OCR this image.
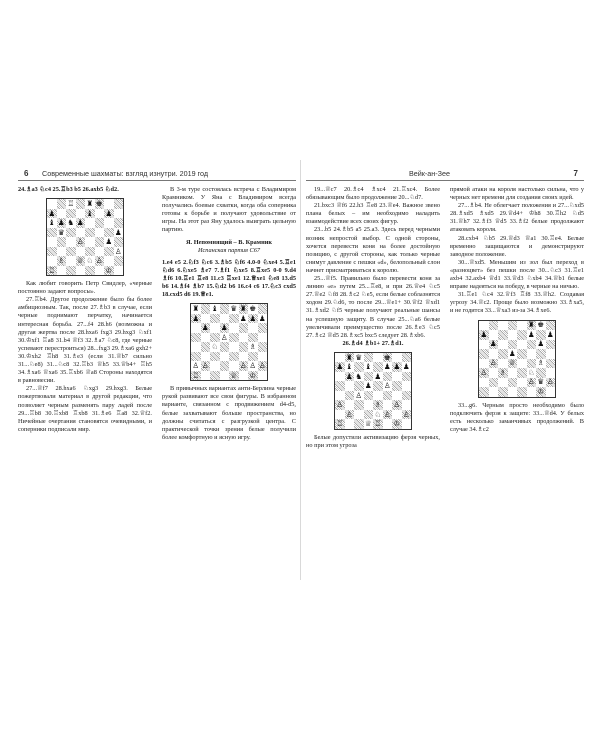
6 Современные шахматы: взгляд изнутри. 2019 год

24.♗a3 ♘c4 25.♖b3 b5 26.axb5 ♘d2.

♖ ♜ ♚
♟	♝ ♟
♝ ♟ ♞ ♟
♛	♟
♙	♟
♙
♗ ♕ ♘ ♙
♖	♔

Как любит говорить Петр Свидлер, «черные постоянно задают вопросы».

27.♖b4. Другое продолжение было бы более амбициозным. Так, после 27.♗b3 в случае, если черные поднимают перчатку, начинается интересная борьба. 27...f4 28.h6 (возможна и другая жертва после 28.hxa6 fxg3 29.hxg3 ♘xf1 30.♔xf1 ♖a8 31.b4 ♕f3 32.♗a7 ♘c8, где черные успевают перестроиться) 28...fxg3 29.♗xa6 gxh2+ 30.♔xh2 ♖h8 31.♗e3 (если 31.♕b7 сильно 31...♘e8) 31...♘c8 32.♖b3 ♕h5 33.♕b4+ ♖h5 34.♗xa6 ♕xa6 35.♖xb6 ♕a8 Стороны находятся в равновесии.

27...♕f7 28.hxa6 ♘xg3 29.hxg3. Белые пожертвовали материал в другой редакции, что позволяет черным разменять пару ладей после 29...♖b8 30.♖xb8 ♖xb8 31.♗e6 ♖a8 32.♕f2. Ничейные очертания становятся очевидными, и соперники подписали мир.

В 3-м туре состоялась встреча с Владимиром Крамником. У Яна с Владимиром всегда получались боевые схватки, когда оба соперника готовы к борьбе и получают удовольствие от игры. На этот раз Яну удалось выиграть цельную партию.

Я. Непомнящий – В. Крамник

Испанская партия C67

1.e4 e5 2.♘f3 ♘c6 3.♗b5 ♘f6 4.0-0 ♘xe4 5.♖e1 ♘d6 6.♘xe5 ♗e7 7.♗f1 ♘xe5 8.♖xe5 0-0 9.d4 ♗f6 10.♖e1 ♖e8 11.c3 ♖xe1 12.♕xe1 ♘e8 13.d5 b6 14.♗f4 ♗b7 15.♘d2 b6 16.c4 c6 17.♘c3 cxd5 18.cxd5 d6 19.♕e1.

♜ ♝ ♛ ♜ ♚
♟	♟ ♟ ♟
♟ ♟
♙
♘	♗
♙ ♙	♙ ♙ ♙
♖	♕ ♔

В привычных вариантах анти-Берлина черные рукой развивают все свои фигуры. В избранном варианте, связанном с продвижением d4-d5, белые захватывают больше пространства, но должны считаться с разгрузкой центра. С практической точки зрения белые получили более комфортную и ясную игру.

Вейк-ан-Зее	7

19...♕c7 20.♗c4 ♗xc4 21.♖xc4. Более обязывающим было продолжение 20...♘d7.

21.bxc3 ♕f6 22.h3 ♖e8 23.♕e4. Важное звено плана белых – им необходимо наладить взаимодействие всех своих фигур.

23...b5 24.♗b5 a5 25.a3. Здесь перед черными возник непростой выбор. С одной стороны, хочется перевести коня на более достойную позицию, с другой стороны, как только черные снимут давление с пешки «d», белопольный слон начнет присматриваться к королю.

25...♕f5. Правильно было перевести коня за линию «e» путем 25...♖e8, и при 26.♕e4 ♘c5 27.♕e2 ♘f8 28.♗c2 ♘e5, если белые соблазнятся ходом 29.♘d6, то после 29...♕e1+ 30.♕f2 ♕xd1 31.♗xd2 ♘f5 черные получают реальные шансы на успешную защиту. В случае 25...♘a6 белые увеличивали преимущество после 26.♗e3 ♘c5 27.♗c2 ♕d5 28.♗xc5 bxc5 следует 28.♗xb6.

26.♗d4 ♗b1+ 27.♗d1.

♜ ♛	♚
♟ ♝ ♝ ♟ ♟ ♟
♟ ♞ ♟
♟ ♙
♙
♙	♗ ♙
♙	♘ ♙ ♙
♖	♕ ♖ ♔

Белые допустили активизацию ферзя черных, но при этом угроза

прямой атаки на короля настолько сильна, что у черных нет времени для создания своих идей.

27...♗b4. Не облегчает положения и 27...♘xd5 28.♗xd5 ♗xd5 29.♕d4+ ♔h8 30.♖h2 ♘d5 31.♕h7 32.♗f3 ♕d5 33.♗f2 белые продолжают атаковать короля.

28.cxb4 ♘b5 29.♕d3 ♕a1 30.♖e4. Белые временно защищаются и демонстрируют заводное положение.

30...♕xd5. Меньшим из зол был переход в «разноцвет» без пешки после 30...♘c3 31.♖e1 axb4 32.axb4 ♕d1 33.♕d3 ♘xb4 34.♕b1 белые вправе надеяться на победу, в черные на ничью.

31.♖e1 ♘c4 32.♕f3 ♖f8 33.♕h2. Создавая угрозу 34.♕c2. Проще было возможно 33.♗xa5, и не годится 33...♕xa3 из-за 34.♗xe6.

♜ ♚
♟	♟ ♟
♟	♟
♟
♙ ♕	♗
♙ ♗	♘
♙ ♛ ♙
♔

33...g6. Черным просто необходимо было подключить ферзя к защите: 33...♕d4. У белых есть несколько заманчивых продолжений. В случае 34.♗c2
